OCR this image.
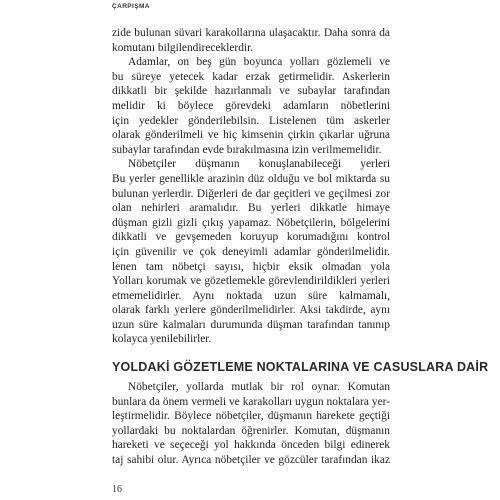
ÇARPIŞMA
zide bulunan süvari karakollarına ulaşacaktır. Daha sonra da
komutanı bilgilendireceklerdir.
Adamlar, on beş gün boyunca yolları gözlemeli ve
bu süreye yetecek kadar erzak getirmelidir. Askerlerin
dikkatli bir şekilde hazırlanmalı ve subaylar tarafından
melidir ki böylece görevdeki adamların nöbetlerini
için yedekler gönderilebilsin. Listelenen tüm askerler
olarak gönderilmeli ve hiç kimsenin çirkin çıkarlar uğruna
subaylar tarafından evde bırakılmasına izin verilmemelidir.
Nöbetçiler düşmanın konuşlanabileceği yerleri
Bu yerler genellikle arazinin düz olduğu ve bol miktarda su
bulunan yerlerdir. Diğerleri de dar geçitleri ve geçilmesi zor
olan nehirleri aramalıdır. Bu yerleri dikkatle himaye
düşman gizli gizli çıkış yapamaz. Nöbetçilerin, bölgelerini
dikkatli ve gevşemeden koruyup korumadığını kontrol
için güvenilir ve çok deneyimli adamlar gönderilmelidir.
lenen tam nöbetçi sayısı, hiçbir eksik olmadan yola
Yolları korumak ve gözetlemekle görevlendirildikleri yerleri
etmemelidirler. Aynı noktada uzun süre kalmamalı,
olarak farklı yerlere gönderilmelidirler. Aksi takdirde, aynı
uzun süre kalmaları durumunda düşman tarafından tanınıp
kolayca yenilebilirler.
YOLDAKİ GÖZETLEME NOKTALARINA VE CASUSLARA DAİR
Nöbetçiler, yollarda mutlak bir rol oynar. Komutan
bunlara da önem vermeli ve karakolları uygun noktalara yer-
leştirmelidir. Böylece nöbetçiler, düşmanın harekete geçtiği
yollardaki bu noktalardan öğrenirler. Komutan, düşmanın
hareketi ve seçeceği yol hakkında önceden bilgi edinerek
taj sahibi olur. Ayrıca nöbetçiler ve gözcüler tarafından ikaz
16
